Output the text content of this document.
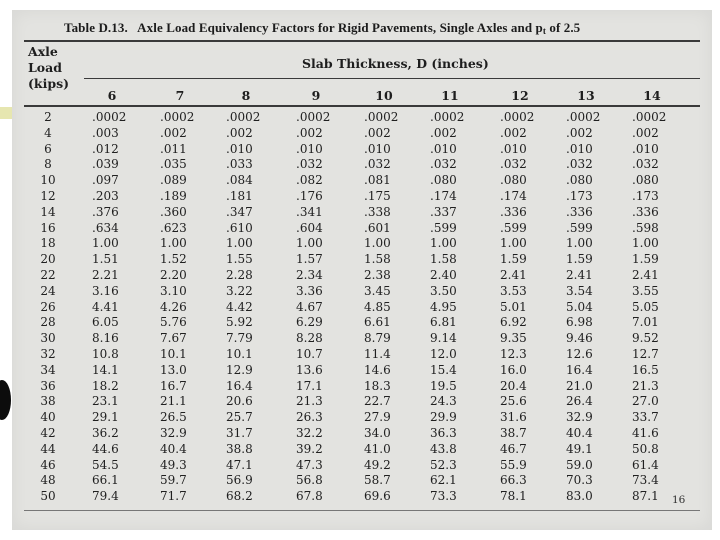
Table D.13. Axle Load Equivalency Factors for Rigid Pavements, Single Axles and $p_t$ of 2.5
Axle
Load
(kips)
Slab Thickness, D (inches)
6	7	8	9	10	11	12	13	14
2	.0002	.0002	.0002	.0002	.0002	.0002	.0002	.0002	.0002
4	.003	.002	.002	.002	.002	.002	.002	.002	.002
6	.012	.011	.010	.010	.010	.010	.010	.010	.010
8	.039	.035	.033	.032	.032	.032	.032	.032	.032
10	.097	.089	.084	.082	.081	.080	.080	.080	.080
12	.203	.189	.181	.176	.175	.174	.174	.173	.173
14	.376	.360	.347	.341	.338	.337	.336	.336	.336
16	.634	.623	.610	.604	.601	.599	.599	.599	.598
18	1.00	1.00	1.00	1.00	1.00	1.00	1.00	1.00	1.00
20	1.51	1.52	1.55	1.57	1.58	1.58	1.59	1.59	1.59
22	2.21	2.20	2.28	2.34	2.38	2.40	2.41	2.41	2.41
24	3.16	3.10	3.22	3.36	3.45	3.50	3.53	3.54	3.55
26	4.41	4.26	4.42	4.67	4.85	4.95	5.01	5.04	5.05
28	6.05	5.76	5.92	6.29	6.61	6.81	6.92	6.98	7.01
30	8.16	7.67	7.79	8.28	8.79	9.14	9.35	9.46	9.52
32	10.8	10.1	10.1	10.7	11.4	12.0	12.3	12.6	12.7
34	14.1	13.0	12.9	13.6	14.6	15.4	16.0	16.4	16.5
36	18.2	16.7	16.4	17.1	18.3	19.5	20.4	21.0	21.3
38	23.1	21.1	20.6	21.3	22.7	24.3	25.6	26.4	27.0
40	29.1	26.5	25.7	26.3	27.9	29.9	31.6	32.9	33.7
42	36.2	32.9	31.7	32.2	34.0	36.3	38.7	40.4	41.6
44	44.6	40.4	38.8	39.2	41.0	43.8	46.7	49.1	50.8
46	54.5	49.3	47.1	47.3	49.2	52.3	55.9	59.0	61.4
48	66.1	59.7	56.9	56.8	58.7	62.1	66.3	70.3	73.4
50	79.4	71.7	68.2	67.8	69.6	73.3	78.1	83.0	87.1	16
